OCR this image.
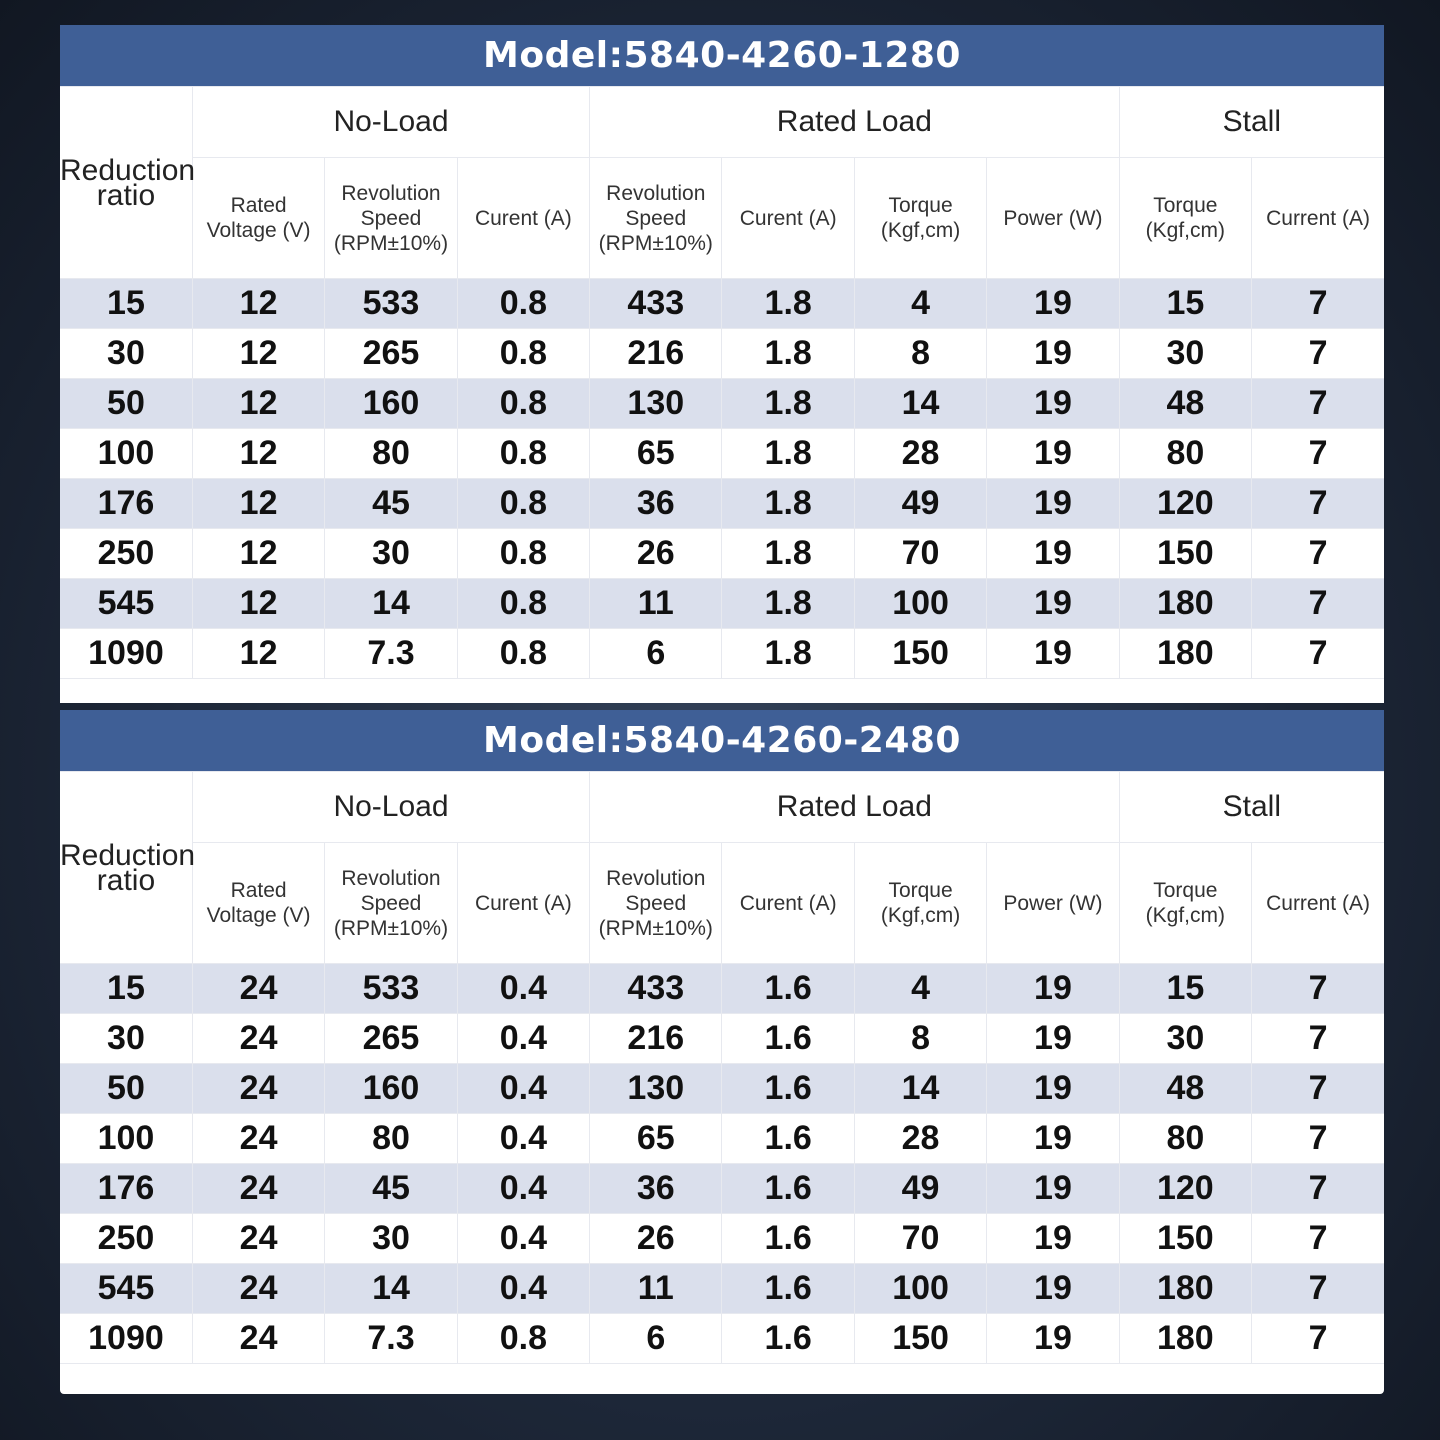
Model:5840-4260-1280
Reduction ratio	No-Load			Rated Load				Stall	
	Rated Voltage (V)	Revolution Speed (RPM±10%)	Curent (A)	Revolution Speed (RPM±10%)	Curent (A)	Torque (Kgf,cm)	Power (W)	Torque (Kgf,cm)	Current (A)
15	12	533	0.8	433	1.8	4	19	15	7
30	12	265	0.8	216	1.8	8	19	30	7
50	12	160	0.8	130	1.8	14	19	48	7
100	12	80	0.8	65	1.8	28	19	80	7
176	12	45	0.8	36	1.8	49	19	120	7
250	12	30	0.8	26	1.8	70	19	150	7
545	12	14	0.8	11	1.8	100	19	180	7
1090	12	7.3	0.8	6	1.8	150	19	180	7
Model:5840-4260-2480
Reduction ratio	No-Load			Rated Load				Stall	
	Rated Voltage (V)	Revolution Speed (RPM±10%)	Curent (A)	Revolution Speed (RPM±10%)	Curent (A)	Torque (Kgf,cm)	Power (W)	Torque (Kgf,cm)	Current (A)
15	24	533	0.4	433	1.6	4	19	15	7
30	24	265	0.4	216	1.6	8	19	30	7
50	24	160	0.4	130	1.6	14	19	48	7
100	24	80	0.4	65	1.6	28	19	80	7
176	24	45	0.4	36	1.6	49	19	120	7
250	24	30	0.4	26	1.6	70	19	150	7
545	24	14	0.4	11	1.6	100	19	180	7
1090	24	7.3	0.8	6	1.6	150	19	180	7
